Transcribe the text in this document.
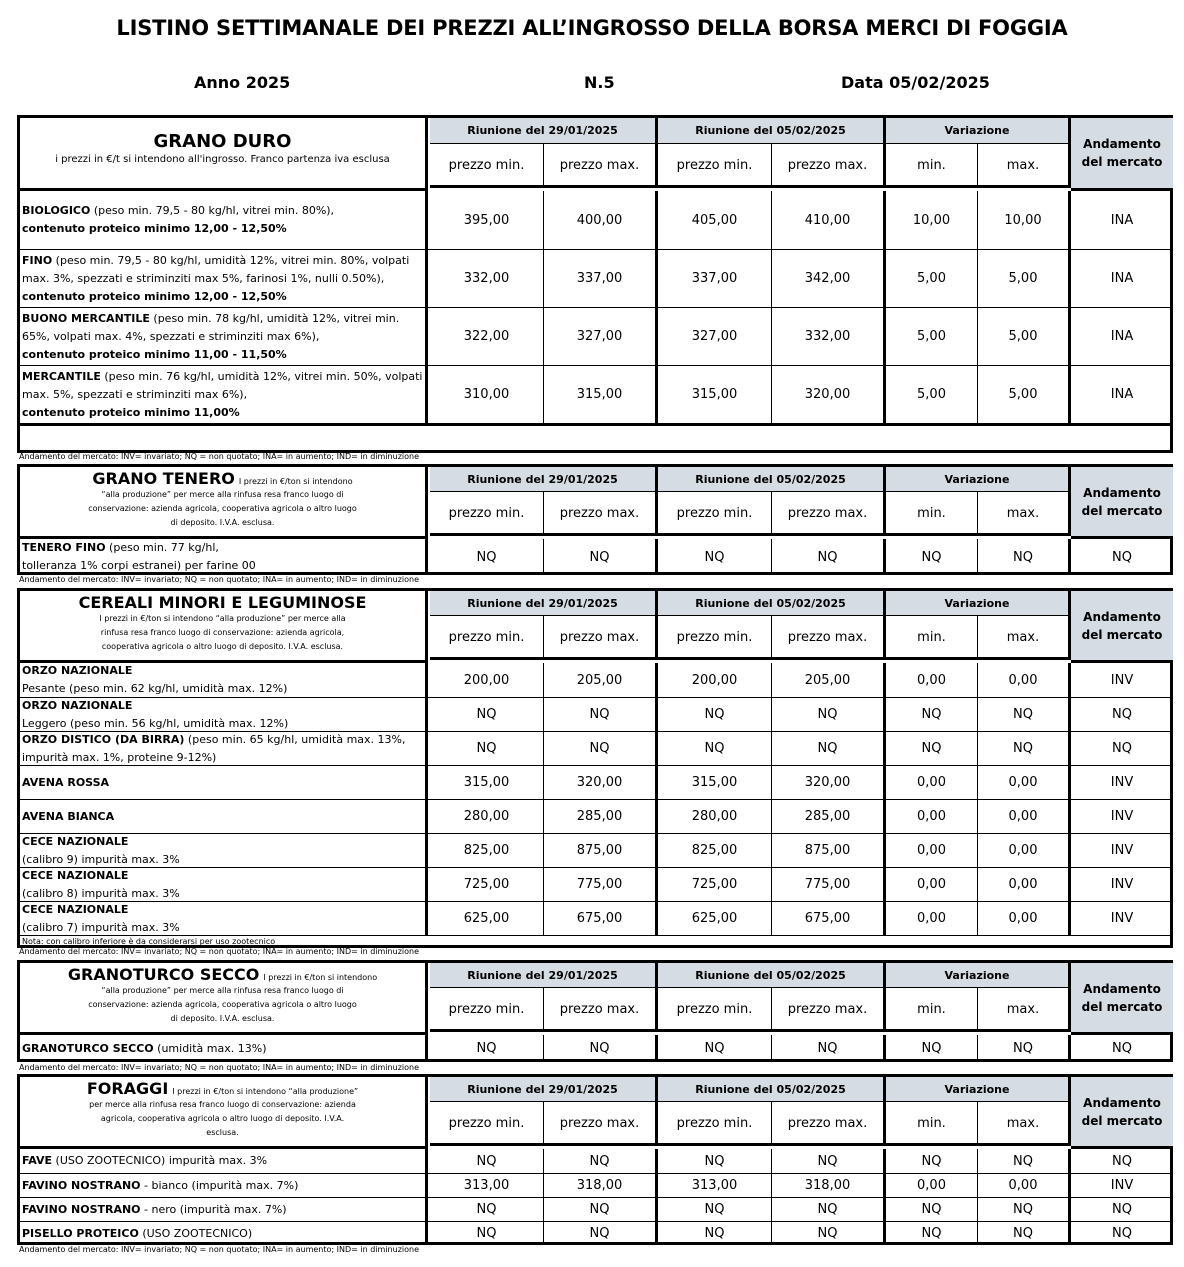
LISTINO SETTIMANALE DEI PREZZI ALL’INGROSSO DELLA BORSA MERCI DI FOGGIA
Anno 2025	N.5	Data 05/02/2025
GRANO DURO
i prezzi in €/t si intendono all'ingrosso. Franco partenza iva esclusa
Riunione del 29/01/2025	Riunione del 05/02/2025	Variazione
prezzo min.	prezzo max.	prezzo min.	prezzo max.	min.	max.
Andamento del mercato
BIOLOGICO (peso min. 79,5 - 80 kg/hl, vitrei min. 80%),
contenuto proteico minimo 12,00 - 12,50%
395,00	400,00	405,00	410,00	10,00	10,00	INA
FINO (peso min. 79,5 - 80 kg/hl, umidità 12%, vitrei min. 80%, volpati max. 3%, spezzati e striminziti max 5%, farinosi 1%, nulli 0.50%),
contenuto proteico minimo 12,00 - 12,50%
332,00	337,00	337,00	342,00	5,00	5,00	INA
BUONO MERCANTILE (peso min. 78 kg/hl, umidità 12%, vitrei min. 65%, volpati max. 4%, spezzati e striminziti max 6%),
contenuto proteico minimo 11,00 - 11,50%
322,00	327,00	327,00	332,00	5,00	5,00	INA
MERCANTILE (peso min. 76 kg/hl, umidità 12%, vitrei min. 50%, volpati max. 5%, spezzati e striminziti max 6%),
contenuto proteico minimo 11,00%
310,00	315,00	315,00	320,00	5,00	5,00	INA
Andamento del mercato: INV= invariato; NQ = non quotato; INA= in aumento; IND= in diminuzione
GRANO TENERO I prezzi in €/ton si intendono
“alla produzione” per merce alla rinfusa resa franco luogo di
conservazione: azienda agricola, cooperativa agricola o altro luogo
di deposito. I.V.A. esclusa.
Riunione del 29/01/2025	Riunione del 05/02/2025	Variazione
prezzo min.	prezzo max.	prezzo min.	prezzo max.	min.	max.
Andamento del mercato
TENERO FINO (peso min. 77 kg/hl,
tolleranza 1% corpi estranei) per farine 00
NQ	NQ	NQ	NQ	NQ	NQ	NQ
Andamento del mercato: INV= invariato; NQ = non quotato; INA= in aumento; IND= in diminuzione
CEREALI MINORI E LEGUMINOSE
I prezzi in €/ton si intendono “alla produzione” per merce alla
rinfusa resa franco luogo di conservazione: azienda agricola,
cooperativa agricola o altro luogo di deposito. I.V.A. esclusa.
Riunione del 29/01/2025	Riunione del 05/02/2025	Variazione
prezzo min.	prezzo max.	prezzo min.	prezzo max.	min.	max.
Andamento del mercato
ORZO NAZIONALE
Pesante (peso min. 62 kg/hl, umidità max. 12%)
200,00	205,00	200,00	205,00	0,00	0,00	INV
ORZO NAZIONALE
Leggero (peso min. 56 kg/hl, umidità max. 12%)
NQ	NQ	NQ	NQ	NQ	NQ	NQ
ORZO DISTICO (DA BIRRA) (peso min. 65 kg/hl, umidità max. 13%, impurità max. 1%, proteine 9-12%)
NQ	NQ	NQ	NQ	NQ	NQ	NQ
AVENA ROSSA	315,00	320,00	315,00	320,00	0,00	0,00	INV
AVENA BIANCA	280,00	285,00	280,00	285,00	0,00	0,00	INV
CECE NAZIONALE
(calibro 9) impurità max. 3%
825,00	875,00	825,00	875,00	0,00	0,00	INV
CECE NAZIONALE
(calibro 8) impurità max. 3%
725,00	775,00	725,00	775,00	0,00	0,00	INV
CECE NAZIONALE
(calibro 7) impurità max. 3%
625,00	675,00	625,00	675,00	0,00	0,00	INV
Nota: con calibro inferiore è da considerarsi per uso zootecnico
Andamento del mercato: INV= invariato; NQ = non quotato; INA= in aumento; IND= in diminuzione
GRANOTURCO SECCO I prezzi in €/ton si intendono
“alla produzione” per merce alla rinfusa resa franco luogo di
conservazione: azienda agricola, cooperativa agricola o altro luogo
di deposito. I.V.A. esclusa.
Riunione del 29/01/2025	Riunione del 05/02/2025	Variazione
prezzo min.	prezzo max.	prezzo min.	prezzo max.	min.	max.
Andamento del mercato
GRANOTURCO SECCO (umidità max. 13%)	NQ	NQ	NQ	NQ	NQ	NQ	NQ
Andamento del mercato: INV= invariato; NQ = non quotato; INA= in aumento; IND= in diminuzione
FORAGGI I prezzi in €/ton si intendono “alla produzione”
per merce alla rinfusa resa franco luogo di conservazione: azienda
agricola, cooperativa agricola o altro luogo di deposito. I.V.A.
esclusa.
Riunione del 29/01/2025	Riunione del 05/02/2025	Variazione
prezzo min.	prezzo max.	prezzo min.	prezzo max.	min.	max.
Andamento del mercato
FAVE (USO ZOOTECNICO) impurità max. 3%	NQ	NQ	NQ	NQ	NQ	NQ	NQ
FAVINO NOSTRANO - bianco (impurità max. 7%)	313,00	318,00	313,00	318,00	0,00	0,00	INV
FAVINO NOSTRANO - nero (impurità max. 7%)	NQ	NQ	NQ	NQ	NQ	NQ	NQ
PISELLO PROTEICO (USO ZOOTECNICO)	NQ	NQ	NQ	NQ	NQ	NQ	NQ
Andamento del mercato: INV= invariato; NQ = non quotato; INA= in aumento; IND= in diminuzione
